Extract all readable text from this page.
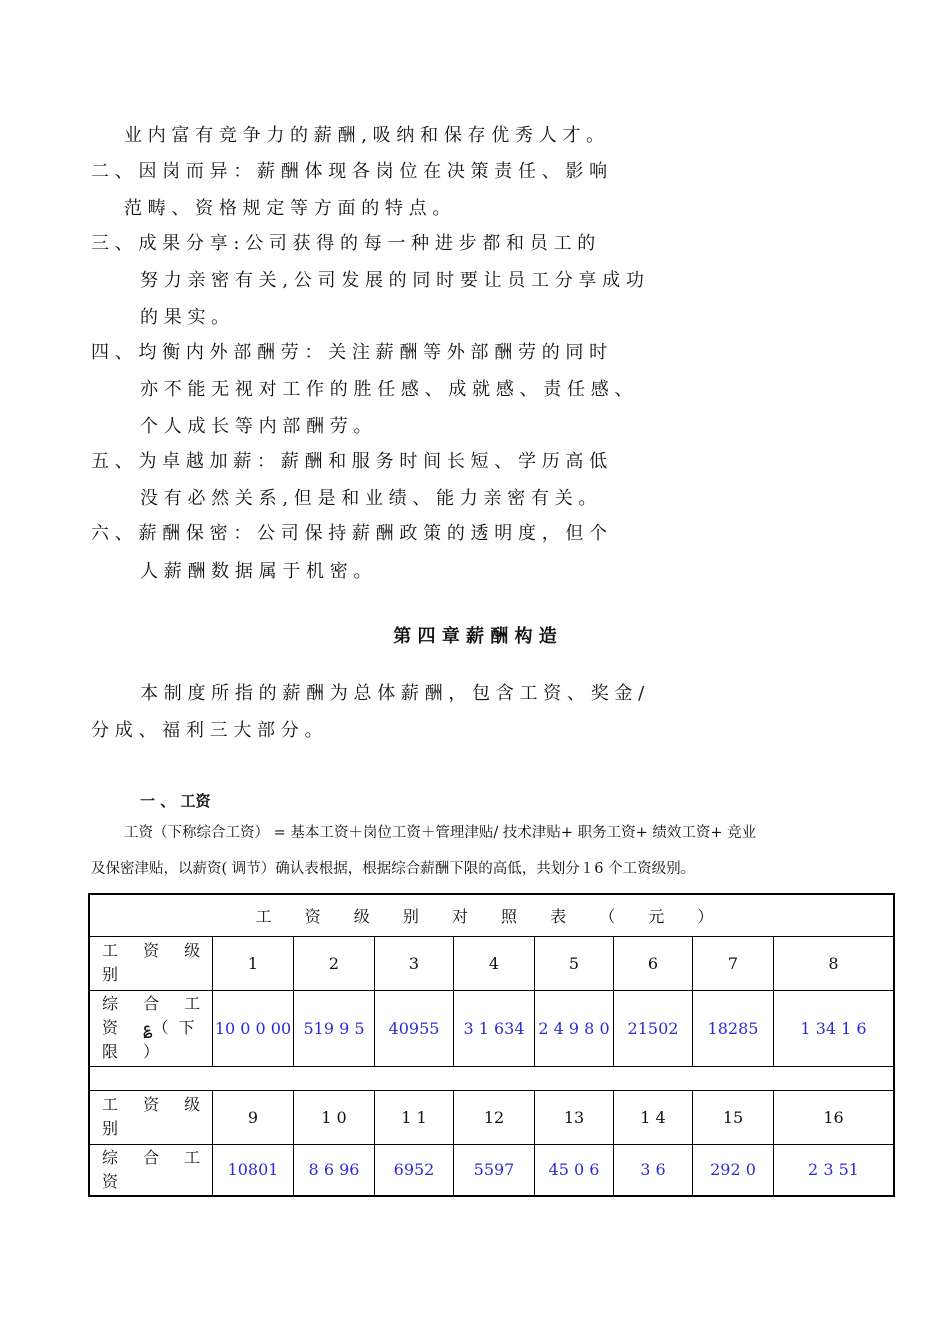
业 内 富 有 竞 争 力 的 薪 酬 , 吸 纳 和 保 存 优 秀 人 才 。
二 、 因 岗 而 异 ： 薪 酬 体 现 各 岗 位 在 决 策 责 任 、 影 响
范 畴 、 资 格 规 定 等 方 面 的 特 点 。
三 、 成 果 分 享 : 公 司 获 得 的 每 一 种 进 步 都 和 员 工 的
努 力 亲 密 有 关 , 公 司 发 展 的 同 时 要 让 员 工 分 享 成 功
的 果 实 。
四 、 均 衡 内 外 部 酬 劳 ： 关 注 薪 酬 等 外 部 酬 劳 的 同 时
亦 不 能 无 视 对 工 作 的 胜 任 感 、 成 就 感 、 责 任 感 、
个 人 成 长 等 内 部 酬 劳 。
五 、 为 卓 越 加 薪 ： 薪 酬 和 服 务 时 间 长 短 、 学 历 高 低
没 有 必 然 关 系 , 但 是 和 业 绩 、 能 力 亲 密 有 关 。
六 、 薪 酬 保 密 ： 公 司 保 持 薪 酬 政 策 的 透 明 度 ， 但 个
人 薪 酬 数 据 属 于 机 密 。
第 四 章 薪 酬 构 造
本 制 度 所 指 的 薪 酬 为 总 体 薪 酬 ， 包 含 工 资 、 奖 金 /
分 成 、 福 利 三 大 部 分 。
一 、 工资
工资（下称综合工资） = 基本工资＋岗位工资＋管理津贴/ 技术津贴+ 职务工资+ 绩效工资+ 竞业
及保密津贴，以薪资( 调节）确认表根据，根据综合薪酬下限的高低，共划分１6 个工资级别。
工 资 级 别 对 照 表 （ 元 ）								
工 资 级 别	1	2	3	4	5	6	7	8
综 合 工 资 ؏（下 限 ）	10 0 0 00	519 9 5	40955	3 1 634	2 4 9 8 0	21502	18285	1 34 1 6

工 资 级 别	9	1 0	1 1	12	13	1 4	15	16
综 合 工 资	10801	8 6 96	6952	5597	45 0 6	3 6	292 0	2 3 51
